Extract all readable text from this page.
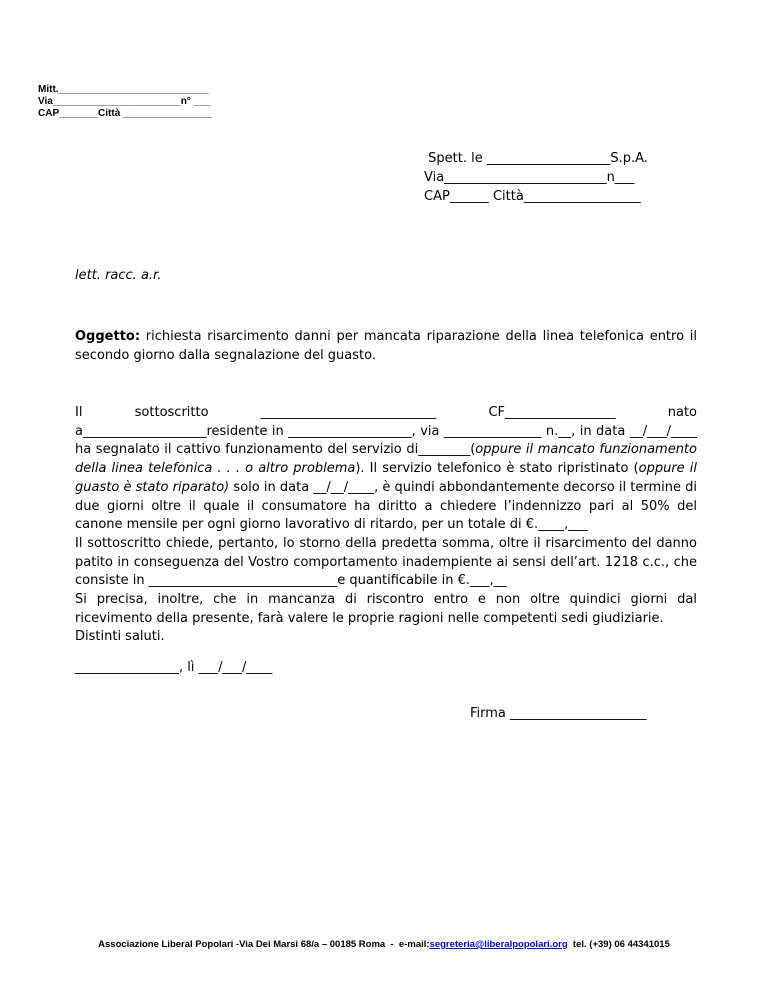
Mitt.___________________________
Via_______________________n° ___
CAP_______Città ________________
Spett. le ___________________S.p.A.
Via_________________________n___
CAP______ Città__________________
lett. racc. a.r.
Oggetto: richiesta risarcimento danni per mancata riparazione della linea telefonica entro il secondo giorno dalla segnalazione del guasto.

Il sottoscritto ___________________________ CF_________________ nato

a___________________residente in ___________________, via _______________ n.__, in data __/___/____ ha segnalato il cattivo funzionamento del servizio di________(oppure il mancato funzionamento della linea telefonica . . . o altro problema). Il servizio telefonico è stato ripristinato (oppure il guasto è stato riparato) solo in data __/__/____, è quindi abbondantemente decorso il termine di due giorni oltre il quale il consumatore ha diritto a chiedere l’indennizzo pari al 50% del canone mensile per ogni giorno lavorativo di ritardo, per un totale di €.____,___

Il sottoscritto chiede, pertanto, lo storno della predetta somma, oltre il risarcimento del danno patito in conseguenza del Vostro comportamento inadempiente ai sensi dell’art. 1218 c.c., che consiste in _____________________________e quantificabile in €.___,__

Si precisa, inoltre, che in mancanza di riscontro entro e non oltre quindici giorni dal ricevimento della presente, farà valere le proprie ragioni nelle competenti sedi giudiziarie.

Distinti saluti.

________________, lì ___/___/____
Firma _____________________
Associazione Liberal Popolari -Via Dei Marsi 68/a – 00185 Roma  -  e-mail:segreteria@liberalpopolari.org  tel. (+39) 06 44341015
